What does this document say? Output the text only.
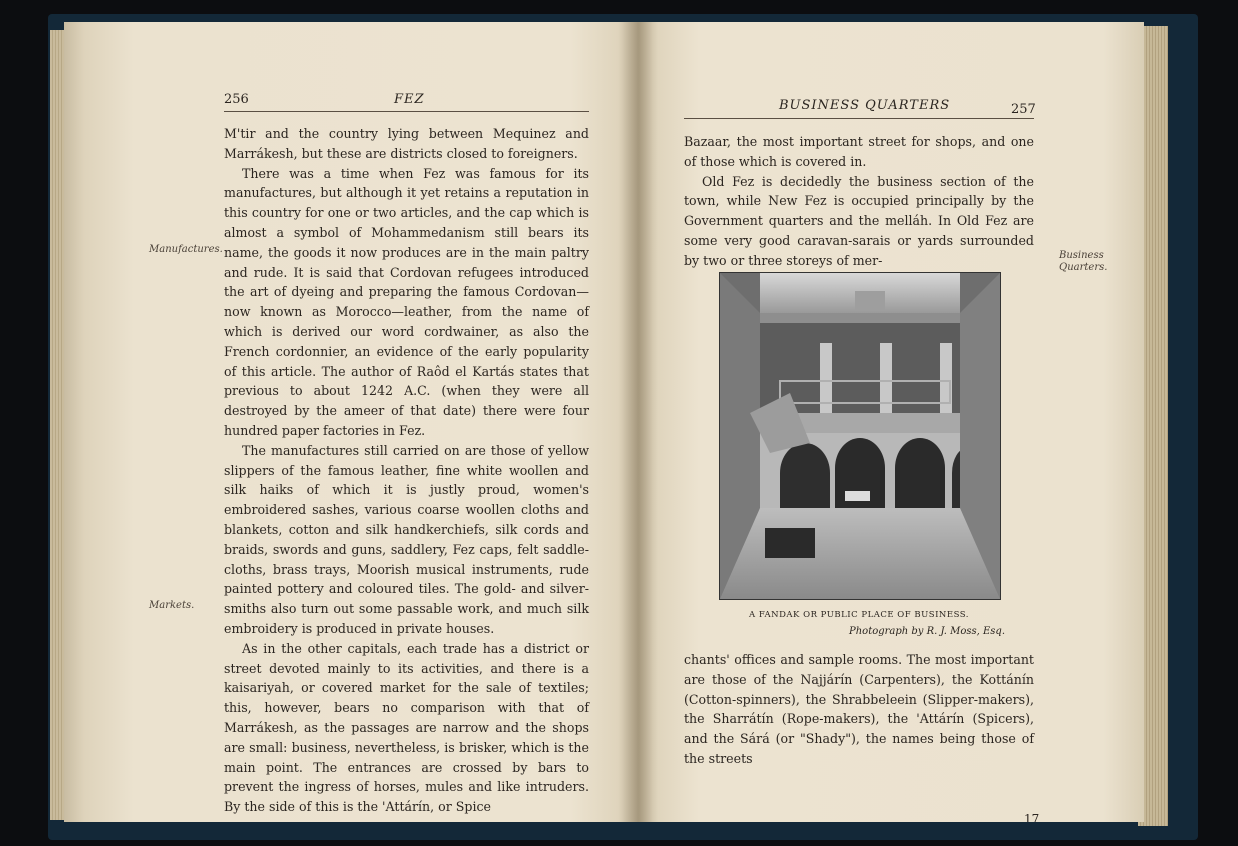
256	FEZ

M'tir and the country lying between Mequinez and Marrákesh, but these are districts closed to foreigners.

There was a time when Fez was famous for its manufactures, but although it yet retains a reputation in this country for one or two articles, and the cap which is almost a symbol of Mohammedanism still bears its name, the goods it now produces are in the main paltry and rude. It is said that Cordovan refugees introduced the art of dyeing and preparing the famous Cordovan—now known as Morocco—leather, from the name of which is derived our word cordwainer, as also the French cordonnier, an evidence of the early popularity of this article. The author of Raôd el Kartás states that previous to about 1242 A.C. (when they were all destroyed by the ameer of that date) there were four hundred paper factories in Fez.

The manufactures still carried on are those of yellow slippers of the famous leather, fine white woollen and silk haiks of which it is justly proud, women's embroidered sashes, various coarse woollen cloths and blankets, cotton and silk handkerchiefs, silk cords and braids, swords and guns, saddlery, Fez caps, felt saddle-cloths, brass trays, Moorish musical instruments, rude painted pottery and coloured tiles. The gold- and silver-smiths also turn out some passable work, and much silk embroidery is produced in private houses.

As in the other capitals, each trade has a district or street devoted mainly to its activities, and there is a kaisariyah, or covered market for the sale of textiles; this, however, bears no comparison with that of Marrákesh, as the passages are narrow and the shops are small: business, nevertheless, is brisker, which is the main point. The entrances are crossed by bars to prevent the ingress of horses, mules and like intruders. By the side of this is the 'Attárín, or Spice

Manufactures.
Markets.
BUSINESS QUARTERS	257

Bazaar, the most important street for shops, and one of those which is covered in.

Old Fez is decidedly the business section of the town, while New Fez is occupied principally by the Government quarters and the melláh. In Old Fez are some very good caravan-sarais or yards surrounded by two or three storeys of mer-	Business Quarters.
A FANDAK OR PUBLIC PLACE OF BUSINESS.
Photograph by R. J. Moss, Esq.

chants' offices and sample rooms. The most important are those of the Najjárín (Carpenters), the Kottánín (Cotton-spinners), the Shrabbeleein (Slipper-makers), the Sharrátín (Rope-makers), the 'Attárín (Spicers), and the Sárá (or "Shady"), the names being those of the streets

17
